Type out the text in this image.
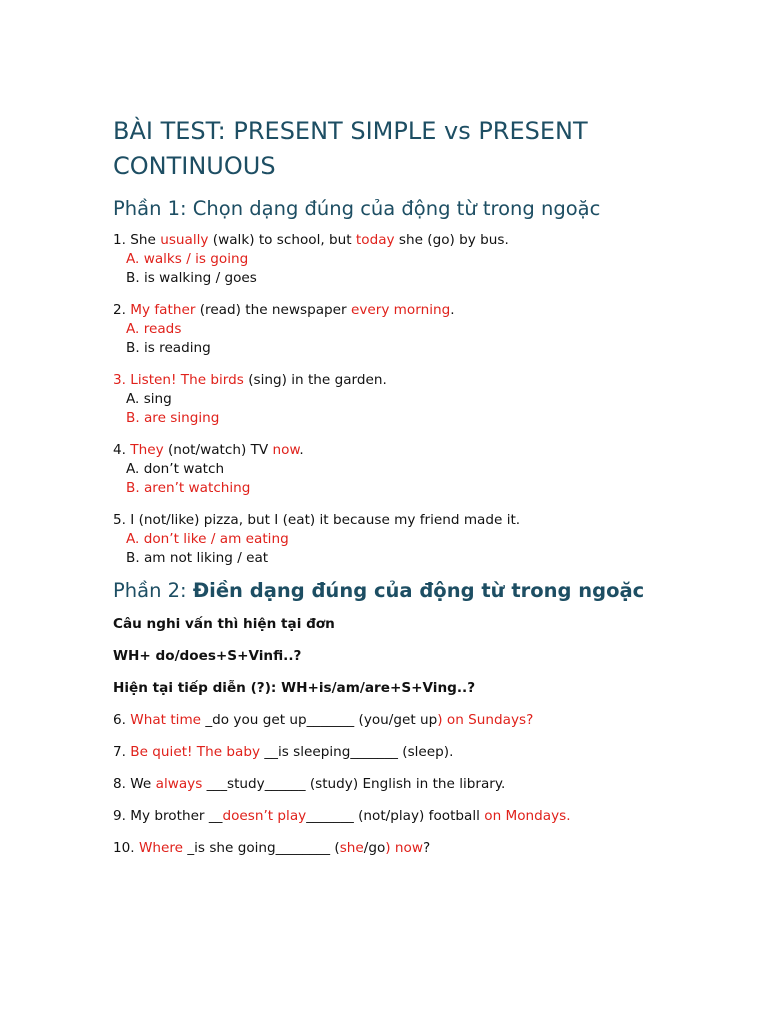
BÀI TEST: PRESENT SIMPLE vs PRESENT CONTINUOUS
Phần 1: Chọn dạng đúng của động từ trong ngoặc

1. She usually (walk) to school, but today she (go) by bus.

A. walks / is going

B. is walking / goes

2. My father (read) the newspaper every morning.

A. reads

B. is reading

3. Listen! The birds (sing) in the garden.

A. sing

B. are singing

4. They (not/watch) TV now.

A. don’t watch

B. aren’t watching

5. I (not/like) pizza, but I (eat) it because my friend made it.

A. don’t like / am eating

B. am not liking / eat

Phần 2: Điền dạng đúng của động từ trong ngoặc

Câu nghi vấn thì hiện tại đơn

WH+ do/does+S+Vinfi..?

Hiện tại tiếp diễn (?): WH+is/am/are+S+Ving..?

6. What time _do you get up_______ (you/get up) on Sundays?

7. Be quiet! The baby __is sleeping_______ (sleep).

8. We always ___study______ (study) English in the library.

9. My brother __doesn’t play_______ (not/play) football on Mondays.

10. Where _is she going________ (she/go) now?
